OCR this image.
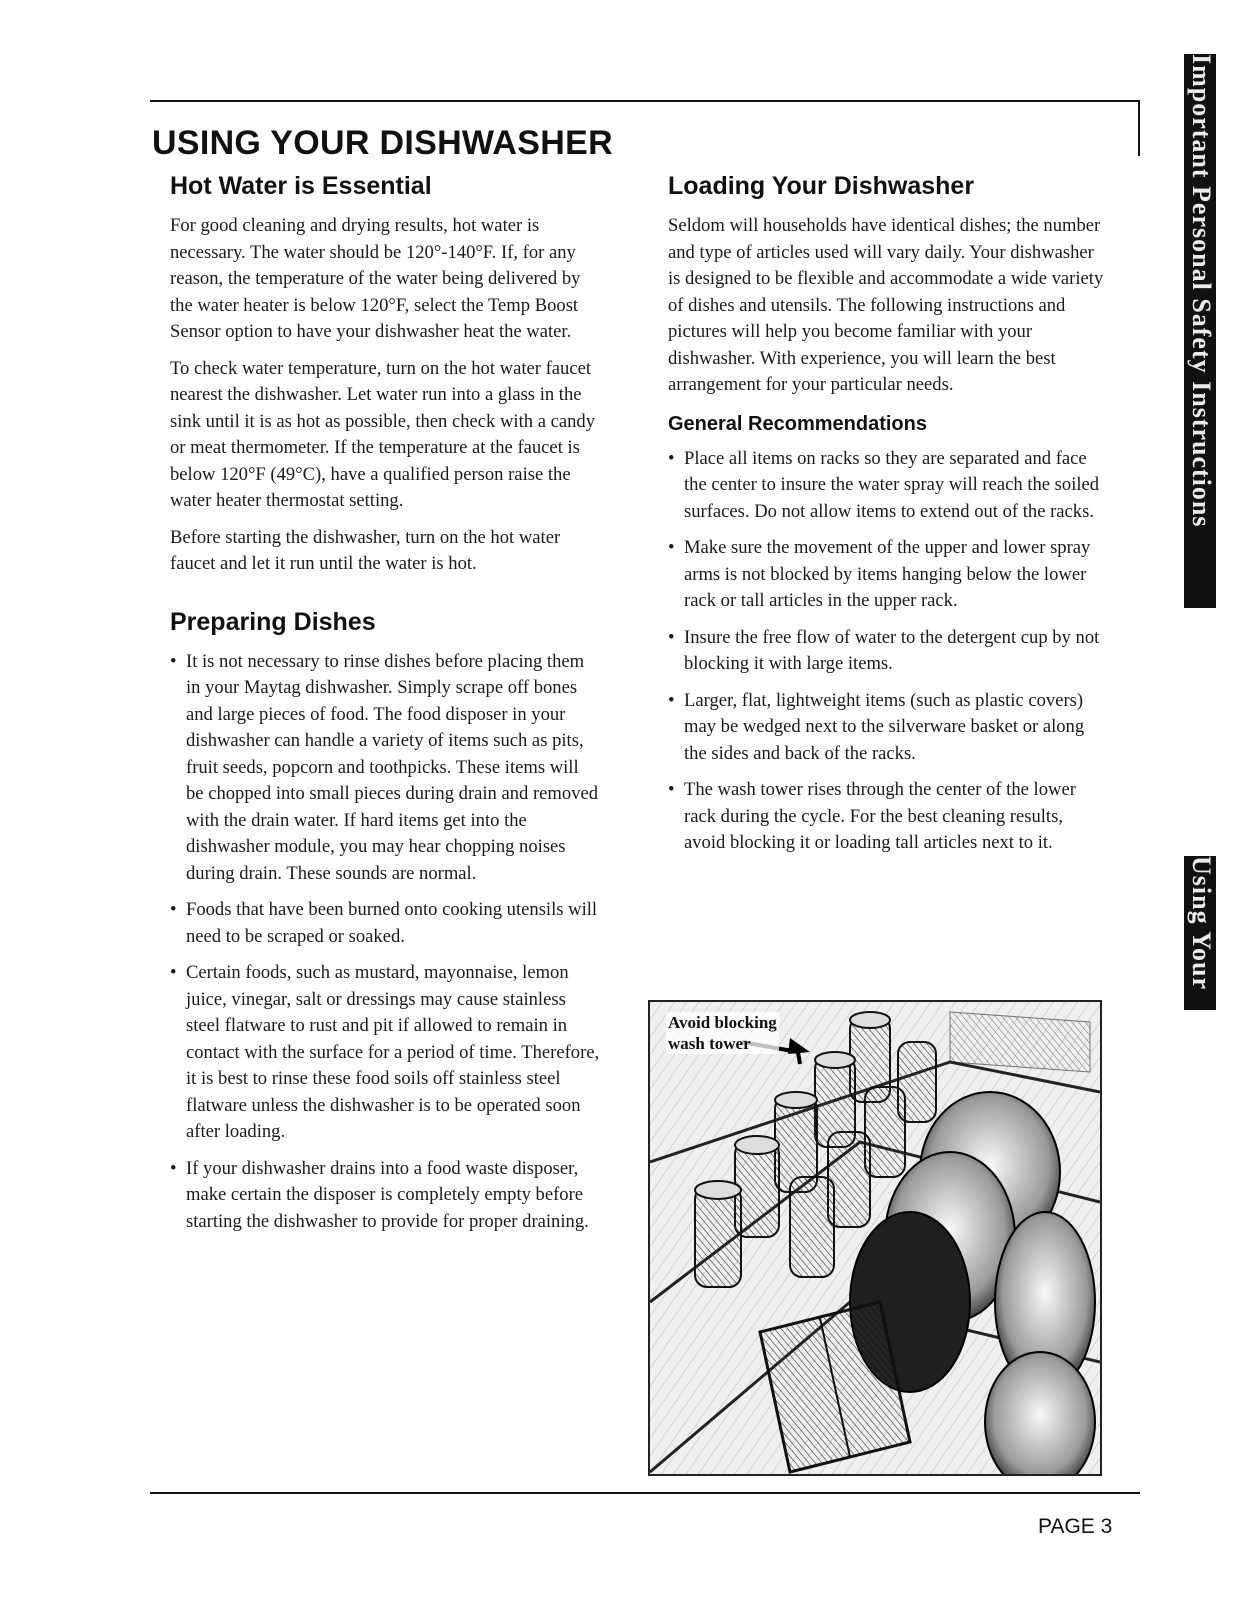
USING YOUR DISHWASHER
Hot Water is Essential

For good cleaning and drying results, hot water is necessary. The water should be 120°-140°F. If, for any reason, the temperature of the water being delivered by the water heater is below 120°F, select the Temp Boost Sensor option to have your dishwasher heat the water.

To check water temperature, turn on the hot water faucet nearest the dishwasher. Let water run into a glass in the sink until it is as hot as possible, then check with a candy or meat thermometer. If the temperature at the faucet is below 120°F (49°C), have a qualified person raise the water heater thermostat setting.

Before starting the dishwasher, turn on the hot water faucet and let it run until the water is hot.

Preparing Dishes
• It is not necessary to rinse dishes before placing them in your Maytag dishwasher. Simply scrape off bones and large pieces of food. The food disposer in your dishwasher can handle a variety of items such as pits, fruit seeds, popcorn and toothpicks. These items will be chopped into small pieces during drain and removed with the drain water. If hard items get into the dishwasher module, you may hear chopping noises during drain. These sounds are normal.
• Foods that have been burned onto cooking utensils will need to be scraped or soaked.
• Certain foods, such as mustard, mayonnaise, lemon juice, vinegar, salt or dressings may cause stainless steel flatware to rust and pit if allowed to remain in contact with the surface for a period of time. Therefore, it is best to rinse these food soils off stainless steel flatware unless the dishwasher is to be operated soon after loading.
• If your dishwasher drains into a food waste disposer, make certain the disposer is completely empty before starting the dishwasher to provide for proper draining.
Loading Your Dishwasher

Seldom will households have identical dishes; the number and type of articles used will vary daily. Your dishwasher is designed to be flexible and accommodate a wide variety of dishes and utensils. The following instructions and pictures will help you become familiar with your dishwasher. With experience, you will learn the best arrangement for your particular needs.

General Recommendations
• Place all items on racks so they are separated and face the center to insure the water spray will reach the soiled surfaces. Do not allow items to extend out of the racks.
• Make sure the movement of the upper and lower spray arms is not blocked by items hanging below the lower rack or tall articles in the upper rack.
• Insure the free flow of water to the detergent cup by not blocking it with large items.
• Larger, flat, lightweight items (such as plastic covers) may be wedged next to the silverware basket or along the sides and back of the racks.
• The wash tower rises through the center of the lower rack during the cycle. For the best cleaning results, avoid blocking it or loading tall articles next to it.
Avoid blocking
wash tower
Important Personal Safety Instructions
Using Your
PAGE 3
